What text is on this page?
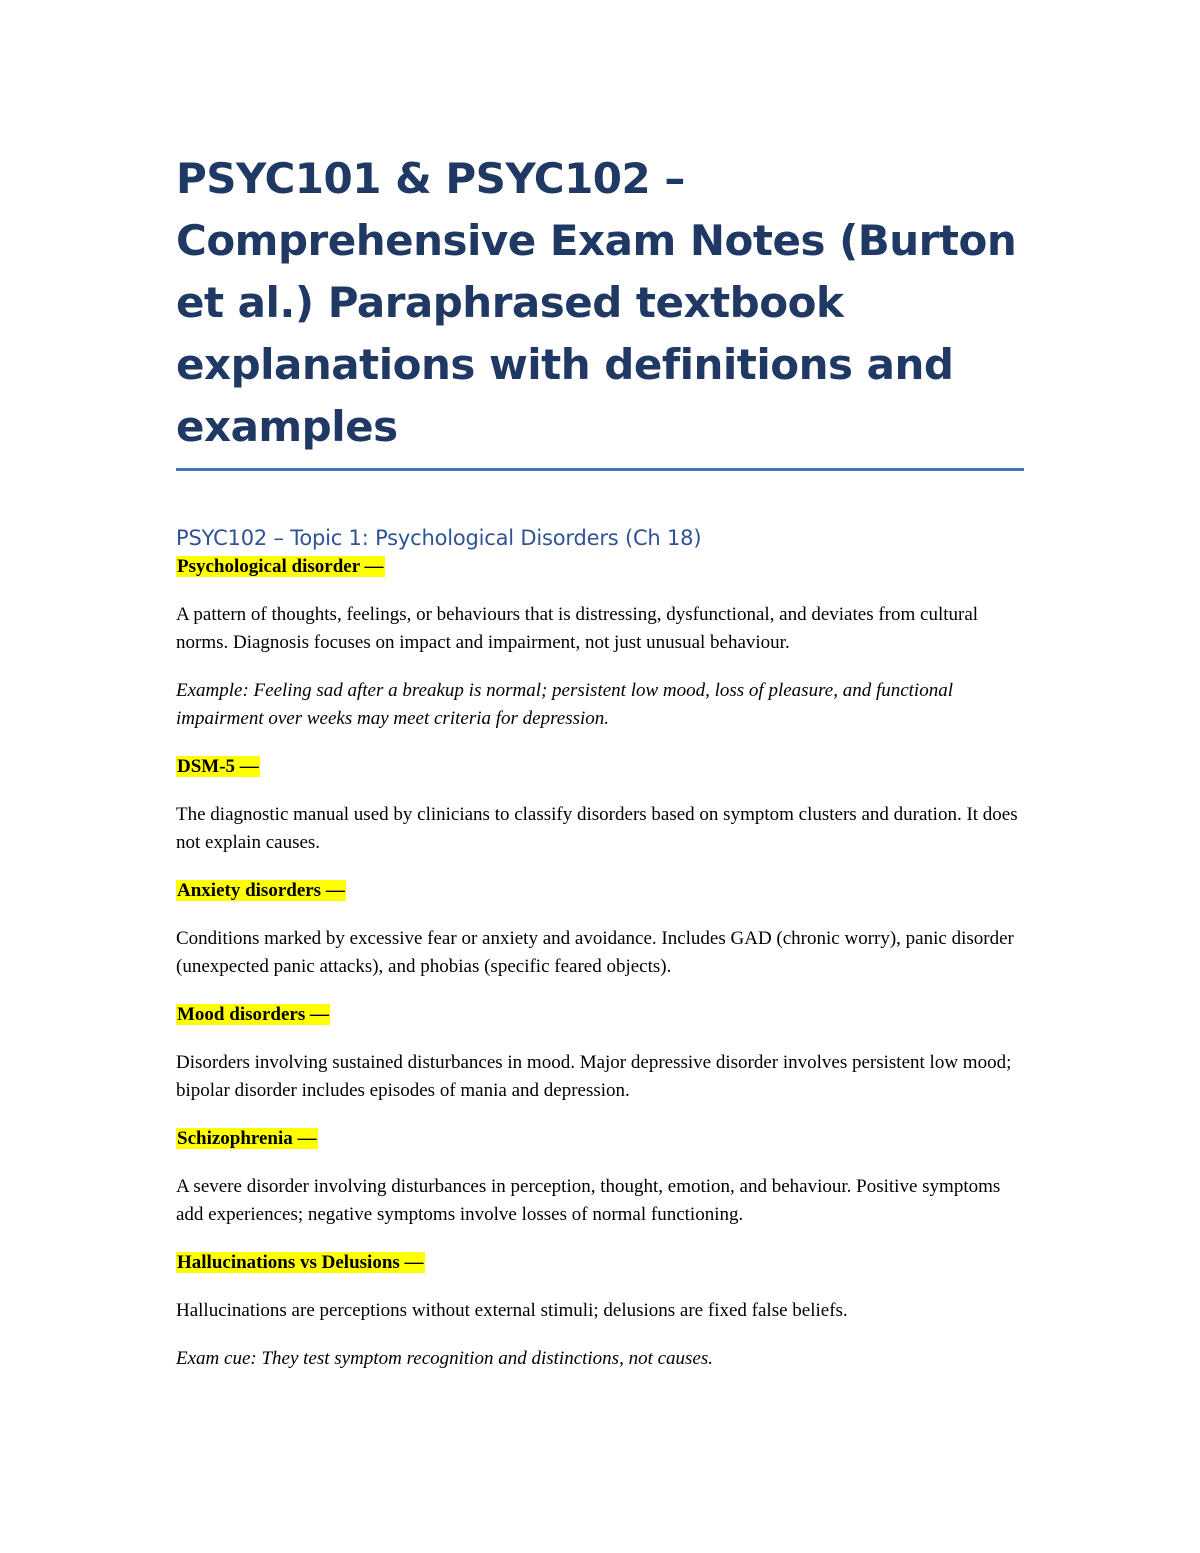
PSYC101 & PSYC102 – Comprehensive Exam Notes (Burton et al.) Paraphrased textbook explanations with definitions and examples
PSYC102 – Topic 1: Psychological Disorders (Ch 18)

Psychological disorder —

A pattern of thoughts, feelings, or behaviours that is distressing, dysfunctional, and deviates from cultural norms. Diagnosis focuses on impact and impairment, not just unusual behaviour.

Example: Feeling sad after a breakup is normal; persistent low mood, loss of pleasure, and functional impairment over weeks may meet criteria for depression.

DSM-5 —

The diagnostic manual used by clinicians to classify disorders based on symptom clusters and duration. It does not explain causes.

Anxiety disorders —

Conditions marked by excessive fear or anxiety and avoidance. Includes GAD (chronic worry), panic disorder (unexpected panic attacks), and phobias (specific feared objects).

Mood disorders —

Disorders involving sustained disturbances in mood. Major depressive disorder involves persistent low mood; bipolar disorder includes episodes of mania and depression.

Schizophrenia —

A severe disorder involving disturbances in perception, thought, emotion, and behaviour. Positive symptoms add experiences; negative symptoms involve losses of normal functioning.

Hallucinations vs Delusions —

Hallucinations are perceptions without external stimuli; delusions are fixed false beliefs.

Exam cue: They test symptom recognition and distinctions, not causes.
